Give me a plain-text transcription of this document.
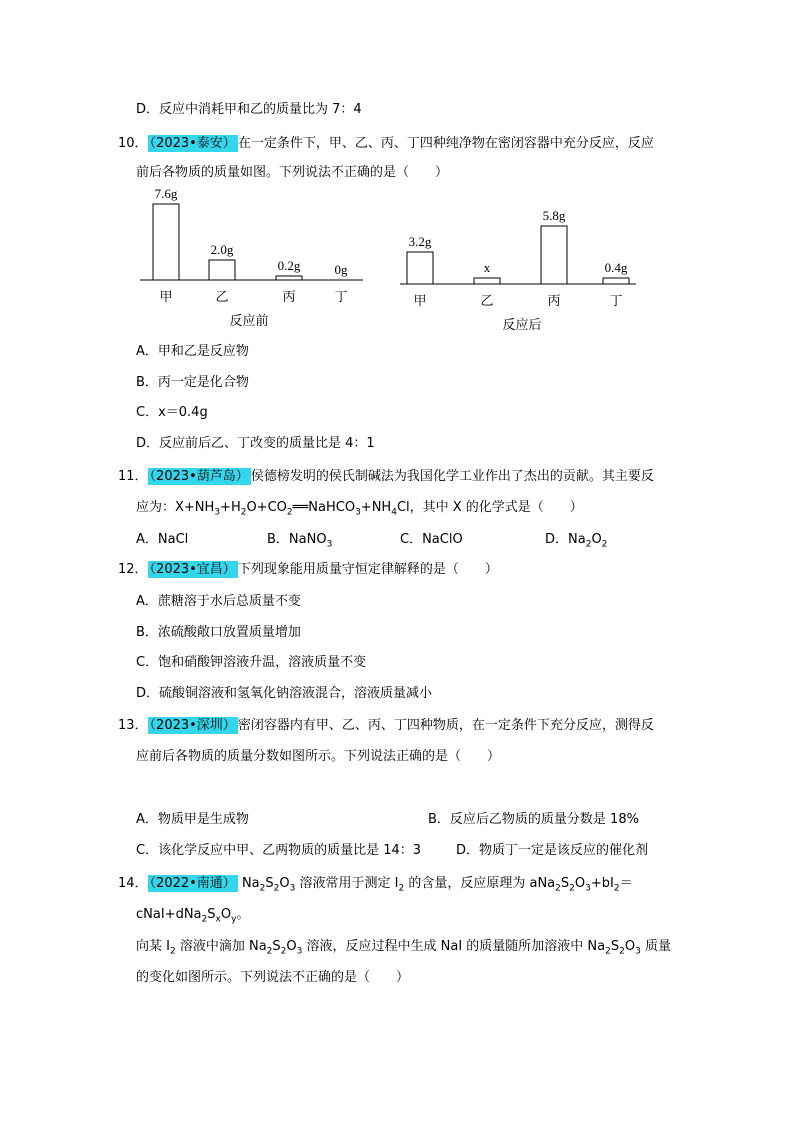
D．反应中消耗甲和乙的质量比为 7：4
10． （2023•泰安） 在一定条件下，甲、乙、丙、丁四种纯净物在密闭容器中充分反应，反应
前后各物质的质量如图。下列说法不正确的是（　　）
7.6g
甲
2.0g
乙
0.2g
丙
0g
丁
反应前
3.2g
甲
x
乙
5.8g
丙
0.4g
丁
反应后
A．甲和乙是反应物
B．丙一定是化合物
C．x＝0.4g
D．反应前后乙、丁改变的质量比是 4：1
11． （2023•葫芦岛） 侯德榜发明的侯氏制碱法为我国化学工业作出了杰出的贡献。其主要反
应为：$X+NH_3+H_2O+CO_2══NaHCO_3+NH_4Cl$，其中 X 的化学式是（　　）
A．NaCl	B．NaNO$_3$	C．NaClO	D．$Na_2O_2$
12． （2023•宜昌） 下列现象能用质量守恒定律解释的是（　　）
A．蔗糖溶于水后总质量不变
B．浓硫酸敞口放置质量增加
C．饱和硝酸钾溶液升温，溶液质量不变
D．硫酸铜溶液和氢氧化钠溶液混合，溶液质量减小
13． （2023•深圳） 密闭容器内有甲、乙、丙、丁四种物质，在一定条件下充分反应，测得反
应前后各物质的质量分数如图所示。下列说法正确的是（　　）
A．物质甲是生成物	B．反应后乙物质的质量分数是 18%
C．该化学反应中甲、乙两物质的质量比是 14：3	D．物质丁一定是该反应的催化剂
14． （2022•南通） $Na_2S_2O_3$ 溶液常用于测定 $I_2$ 的含量，反应原理为 $aNa_2S_2O_3+bI_2=$
$cNaI+dNa_2S_xO_y$。
向某 $I_2$ 溶液中滴加 $Na_2S_2O_3$ 溶液，反应过程中生成 NaI 的质量随所加溶液中 $Na_2S_2O_3$ 质量
的变化如图所示。下列说法不正确的是（　　）
